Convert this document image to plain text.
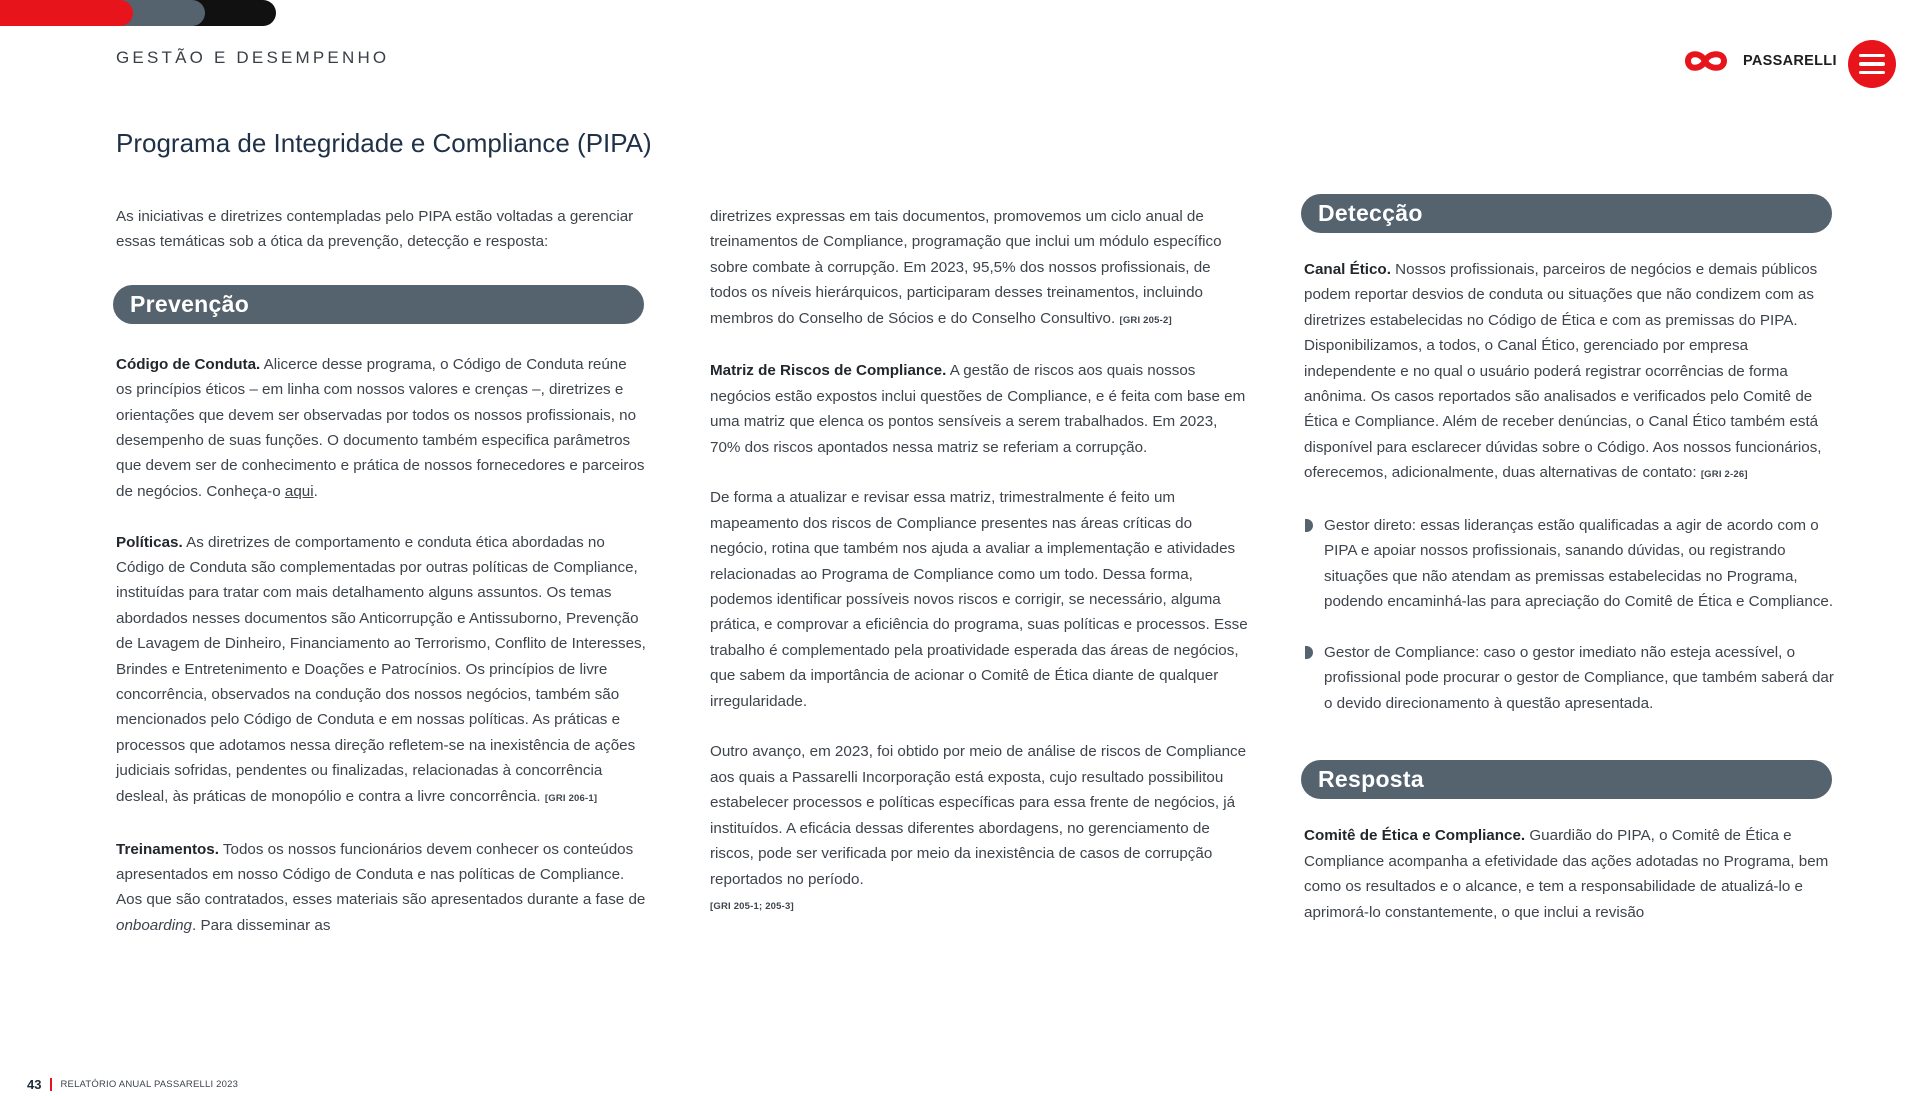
GESTÃO E DESEMPENHO	PASSARELLI
Programa de Integridade e Compliance (PIPA)

As iniciativas e diretrizes contempladas pelo PIPA estão voltadas a gerenciar essas temáticas sob a ótica da prevenção, detecção e resposta:

Prevenção

Código de Conduta. Alicerce desse programa, o Código de Conduta reúne os princípios éticos – em linha com nossos valores e crenças –, diretrizes e orientações que devem ser observadas por todos os nossos profissionais, no desempenho de suas funções. O documento também especifica parâmetros que devem ser de conhecimento e prática de nossos fornecedores e parceiros de negócios. Conheça-o aqui.

Políticas. As diretrizes de comportamento e conduta ética abordadas no Código de Conduta são complementadas por outras políticas de Compliance, instituídas para tratar com mais detalhamento alguns assuntos. Os temas abordados nesses documentos são Anticorrupção e Antissuborno, Prevenção de Lavagem de Dinheiro, Financiamento ao Terrorismo, Conflito de Interesses, Brindes e Entretenimento e Doações e Patrocínios. Os princípios de livre concorrência, observados na condução dos nossos negócios, também são mencionados pelo Código de Conduta e em nossas políticas. As práticas e processos que adotamos nessa direção refletem-se na inexistência de ações judiciais sofridas, pendentes ou finalizadas, relacionadas à concorrência desleal, às práticas de monopólio e contra a livre concorrência. [GRI 206-1]

Treinamentos. Todos os nossos funcionários devem conhecer os conteúdos apresentados em nosso Código de Conduta e nas políticas de Compliance. Aos que são contratados, esses materiais são apresentados durante a fase de onboarding. Para disseminar as

diretrizes expressas em tais documentos, promovemos um ciclo anual de treinamentos de Compliance, programação que inclui um módulo específico sobre combate à corrupção. Em 2023, 95,5% dos nossos profissionais, de todos os níveis hierárquicos, participaram desses treinamentos, incluindo membros do Conselho de Sócios e do Conselho Consultivo. [GRI 205-2]

Matriz de Riscos de Compliance. A gestão de riscos aos quais nossos negócios estão expostos inclui questões de Compliance, e é feita com base em uma matriz que elenca os pontos sensíveis a serem trabalhados. Em 2023, 70% dos riscos apontados nessa matriz se referiam a corrupção.

De forma a atualizar e revisar essa matriz, trimestralmente é feito um mapeamento dos riscos de Compliance presentes nas áreas críticas do negócio, rotina que também nos ajuda a avaliar a implementação e atividades relacionadas ao Programa de Compliance como um todo. Dessa forma, podemos identificar possíveis novos riscos e corrigir, se necessário, alguma prática, e comprovar a eficiência do programa, suas políticas e processos. Esse trabalho é complementado pela proatividade esperada das áreas de negócios, que sabem da importância de acionar o Comitê de Ética diante de qualquer irregularidade.

Outro avanço, em 2023, foi obtido por meio de análise de riscos de Compliance aos quais a Passarelli Incorporação está exposta, cujo resultado possibilitou estabelecer processos e políticas específicas para essa frente de negócios, já instituídos. A eficácia dessas diferentes abordagens, no gerenciamento de riscos, pode ser verificada por meio da inexistência de casos de corrupção reportados no período.
[GRI 205-1; 205-3]

Detecção

Canal Ético. Nossos profissionais, parceiros de negócios e demais públicos podem reportar desvios de conduta ou situações que não condizem com as diretrizes estabelecidas no Código de Ética e com as premissas do PIPA. Disponibilizamos, a todos, o Canal Ético, gerenciado por empresa independente e no qual o usuário poderá registrar ocorrências de forma anônima. Os casos reportados são analisados e verificados pelo Comitê de Ética e Compliance. Além de receber denúncias, o Canal Ético também está disponível para esclarecer dúvidas sobre o Código. Aos nossos funcionários, oferecemos, adicionalmente, duas alternativas de contato: [GRI 2-26]

Gestor direto: essas lideranças estão qualificadas a agir de acordo com o PIPA e apoiar nossos profissionais, sanando dúvidas, ou registrando situações que não atendam as premissas estabelecidas no Programa, podendo encaminhá-las para apreciação do Comitê de Ética e Compliance.
Gestor de Compliance: caso o gestor imediato não esteja acessível, o profissional pode procurar o gestor de Compliance, que também saberá dar o devido direcionamento à questão apresentada.
Resposta

Comitê de Ética e Compliance. Guardião do PIPA, o Comitê de Ética e Compliance acompanha a efetividade das ações adotadas no Programa, bem como os resultados e o alcance, e tem a responsabilidade de atualizá-lo e aprimorá-lo constantemente, o que inclui a revisão

43 RELATÓRIO ANUAL PASSARELLI 2023
